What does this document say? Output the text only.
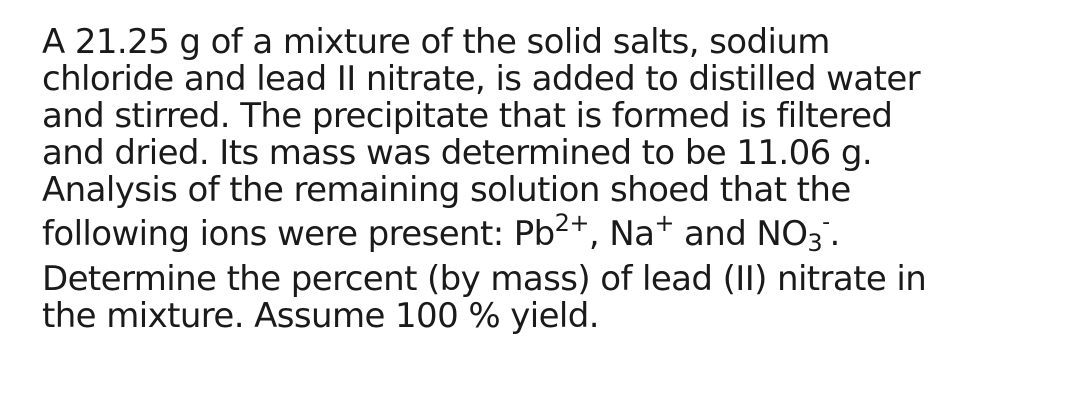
A 21.25 g of a mixture of the solid salts, sodium
chloride and lead II nitrate, is added to distilled water
and stirred. The precipitate that is formed is filtered
and dried. Its mass was determined to be 11.06 g.
Analysis of the remaining solution shoed that the
following ions were present: $Pb^{2+}$, Na+ and $NO_3^-$.
Determine the percent (by mass) of lead (II) nitrate in
the mixture. Assume 100 % yield.
